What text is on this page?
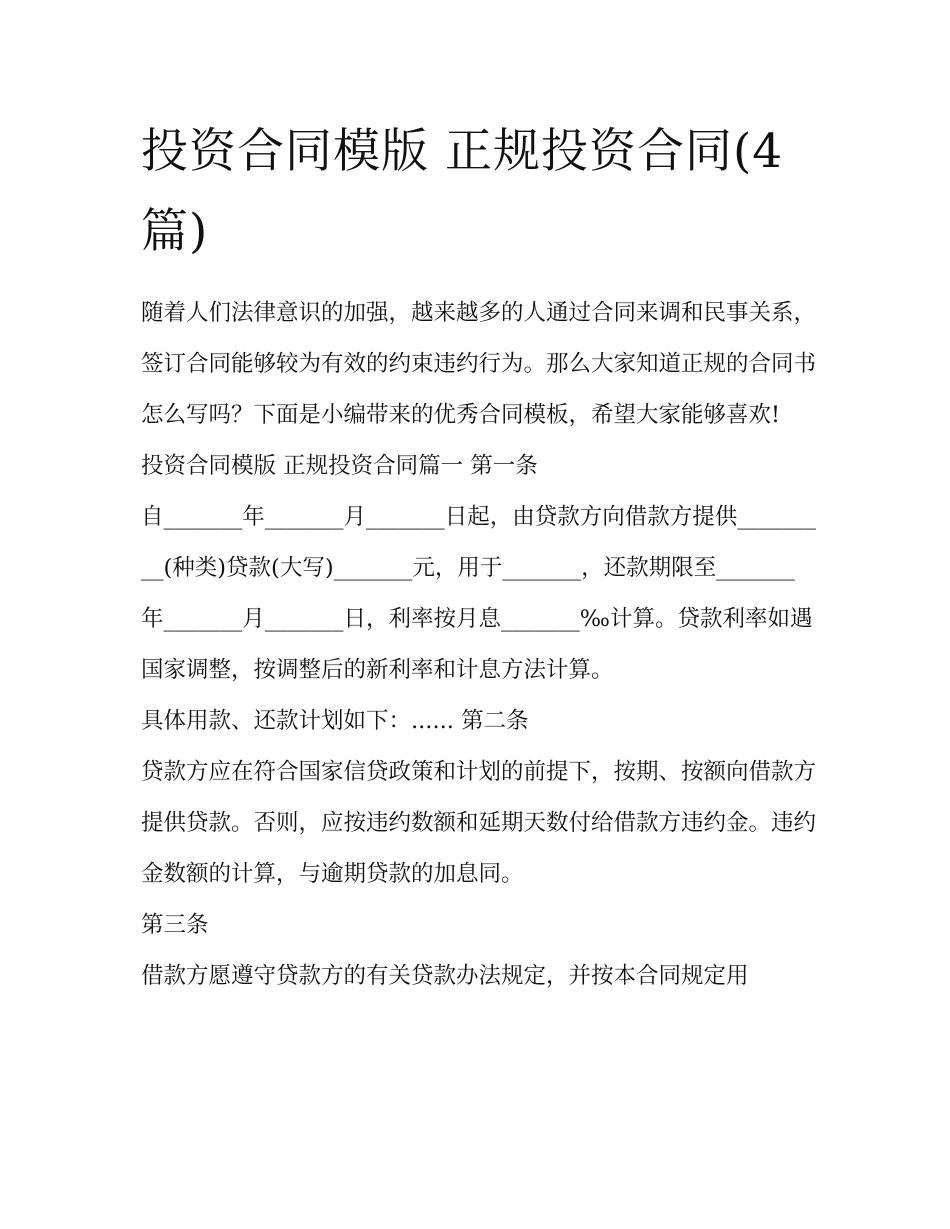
投资合同模版 正规投资合同(4篇)

随着人们法律意识的加强，越来越多的人通过合同来调和民事关系，签订合同能够较为有效的约束违约行为。那么大家知道正规的合同书怎么写吗？下面是小编带来的优秀合同模板，希望大家能够喜欢!

投资合同模版 正规投资合同篇一 第一条

自_______年_______月_______日起，由贷款方向借款方提供_________(种类)贷款(大写)_______元，用于_______，还款期限至_______年_______月_______日，利率按月息_______‰计算。贷款利率如遇国家调整，按调整后的新利率和计息方法计算。

具体用款、还款计划如下：...... 第二条

贷款方应在符合国家信贷政策和计划的前提下，按期、按额向借款方提供贷款。否则，应按违约数额和延期天数付给借款方违约金。违约金数额的计算，与逾期贷款的加息同。

第三条

借款方愿遵守贷款方的有关贷款办法规定，并按本合同规定用
